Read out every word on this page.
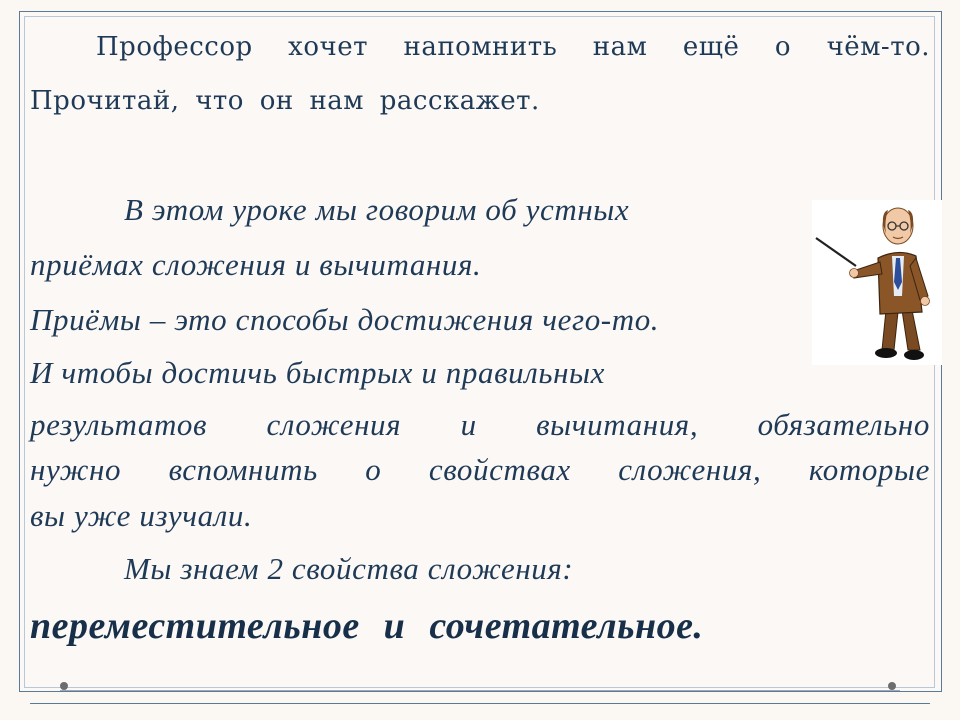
Профессор хочет напомнить нам ещё о чём-то.
Прочитай, что он нам расскажет.
В этом уроке мы говорим об устных
приёмах сложения и вычитания.
Приёмы – это способы достижения чего-то.
И чтобы достичь быстрых и правильных
результатов сложения и вычитания, обязательно
нужно вспомнить о свойствах сложения, которые
вы уже изучали.
Мы знаем 2 свойства сложения:
переместительное и сочетательное.
